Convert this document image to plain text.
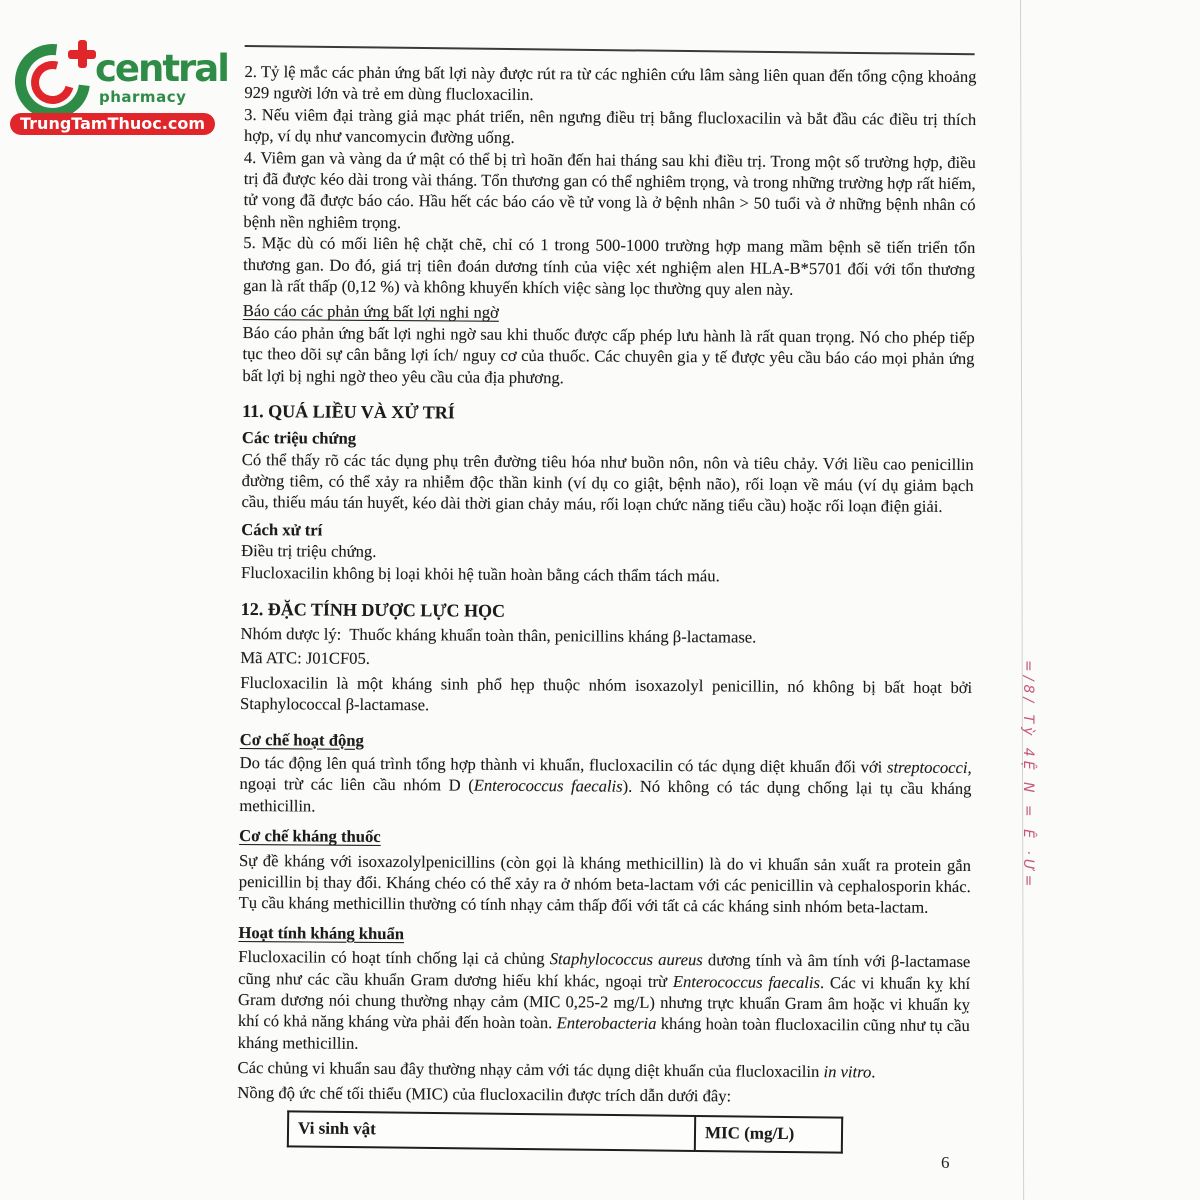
central
pharmacy
TrungTamThuoc.com

2. Tỷ lệ mắc các phản ứng bất lợi này được rút ra từ các nghiên cứu lâm sàng liên quan đến tổng cộng khoảng 929 người lớn và trẻ em dùng flucloxacilin.

3. Nếu viêm đại tràng giả mạc phát triển, nên ngưng điều trị bằng flucloxacilin và bắt đầu các điều trị thích hợp, ví dụ như vancomycin đường uống.

4. Viêm gan và vàng da ứ mật có thể bị trì hoãn đến hai tháng sau khi điều trị. Trong một số trường hợp, điều trị đã được kéo dài trong vài tháng. Tổn thương gan có thể nghiêm trọng, và trong những trường hợp rất hiếm, tử vong đã được báo cáo. Hầu hết các báo cáo về tử vong là ở bệnh nhân > 50 tuổi và ở những bệnh nhân có bệnh nền nghiêm trọng.

5. Mặc dù có mối liên hệ chặt chẽ, chỉ có 1 trong 500-1000 trường hợp mang mầm bệnh sẽ tiến triển tổn thương gan. Do đó, giá trị tiên đoán dương tính của việc xét nghiệm alen HLA-B*5701 đối với tổn thương gan là rất thấp (0,12 %) và không khuyến khích việc sàng lọc thường quy alen này.

Báo cáo các phản ứng bất lợi nghi ngờ

Báo cáo phản ứng bất lợi nghi ngờ sau khi thuốc được cấp phép lưu hành là rất quan trọng. Nó cho phép tiếp tục theo dõi sự cân bằng lợi ích/ nguy cơ của thuốc. Các chuyên gia y tế được yêu cầu báo cáo mọi phản ứng bất lợi bị nghi ngờ theo yêu cầu của địa phương.

11. QUÁ LIỀU VÀ XỬ TRÍ

Các triệu chứng

Có thể thấy rõ các tác dụng phụ trên đường tiêu hóa như buồn nôn, nôn và tiêu chảy. Với liều cao penicillin đường tiêm, có thể xảy ra nhiễm độc thần kinh (ví dụ co giật, bệnh não), rối loạn về máu (ví dụ giảm bạch cầu, thiếu máu tán huyết, kéo dài thời gian chảy máu, rối loạn chức năng tiểu cầu) hoặc rối loạn điện giải.

Cách xử trí

Điều trị triệu chứng.

Flucloxacilin không bị loại khỏi hệ tuần hoàn bằng cách thẩm tách máu.

12. ĐẶC TÍNH DƯỢC LỰC HỌC

Nhóm dược lý:  Thuốc kháng khuẩn toàn thân, penicillins kháng β-lactamase.

Mã ATC: J01CF05.

Flucloxacilin là một kháng sinh phổ hẹp thuộc nhóm isoxazolyl penicillin, nó không bị bất hoạt bởi Staphylococcal β-lactamase.

Cơ chế hoạt động

Do tác động lên quá trình tổng hợp thành vi khuẩn, flucloxacilin có tác dụng diệt khuẩn đối với streptococci, ngoại trừ các liên cầu nhóm D (Enterococcus faecalis). Nó không có tác dụng chống lại tụ cầu kháng methicillin.

Cơ chế kháng thuốc

Sự đề kháng với isoxazolylpenicillins (còn gọi là kháng methicillin) là do vi khuẩn sản xuất ra protein gắn penicillin bị thay đổi. Kháng chéo có thể xảy ra ở nhóm beta-lactam với các penicillin và cephalosporin khác. Tụ cầu kháng methicillin thường có tính nhạy cảm thấp đối với tất cả các kháng sinh nhóm beta-lactam.

Hoạt tính kháng khuẩn

Flucloxacilin có hoạt tính chống lại cả chủng Staphylococcus aureus dương tính và âm tính với β-lactamase cũng như các cầu khuẩn Gram dương hiếu khí khác, ngoại trừ Enterococcus faecalis. Các vi khuẩn kỵ khí Gram dương nói chung thường nhạy cảm (MIC 0,25-2 mg/L) nhưng trực khuẩn Gram âm hoặc vi khuẩn kỵ khí có khả năng kháng vừa phải đến hoàn toàn. Enterobacteria kháng hoàn toàn flucloxacilin cũng như tụ cầu kháng methicillin.

Các chủng vi khuẩn sau đây thường nhạy cảm với tác dụng diệt khuẩn của flucloxacilin in vitro.

Nồng độ ức chế tối thiểu (MIC) của flucloxacilin được trích dẫn dưới đây:

Vi sinh vật	MIC (mg/L)
=/8/ Tỳ 4Ệ N = Ê ·Ư=
6
